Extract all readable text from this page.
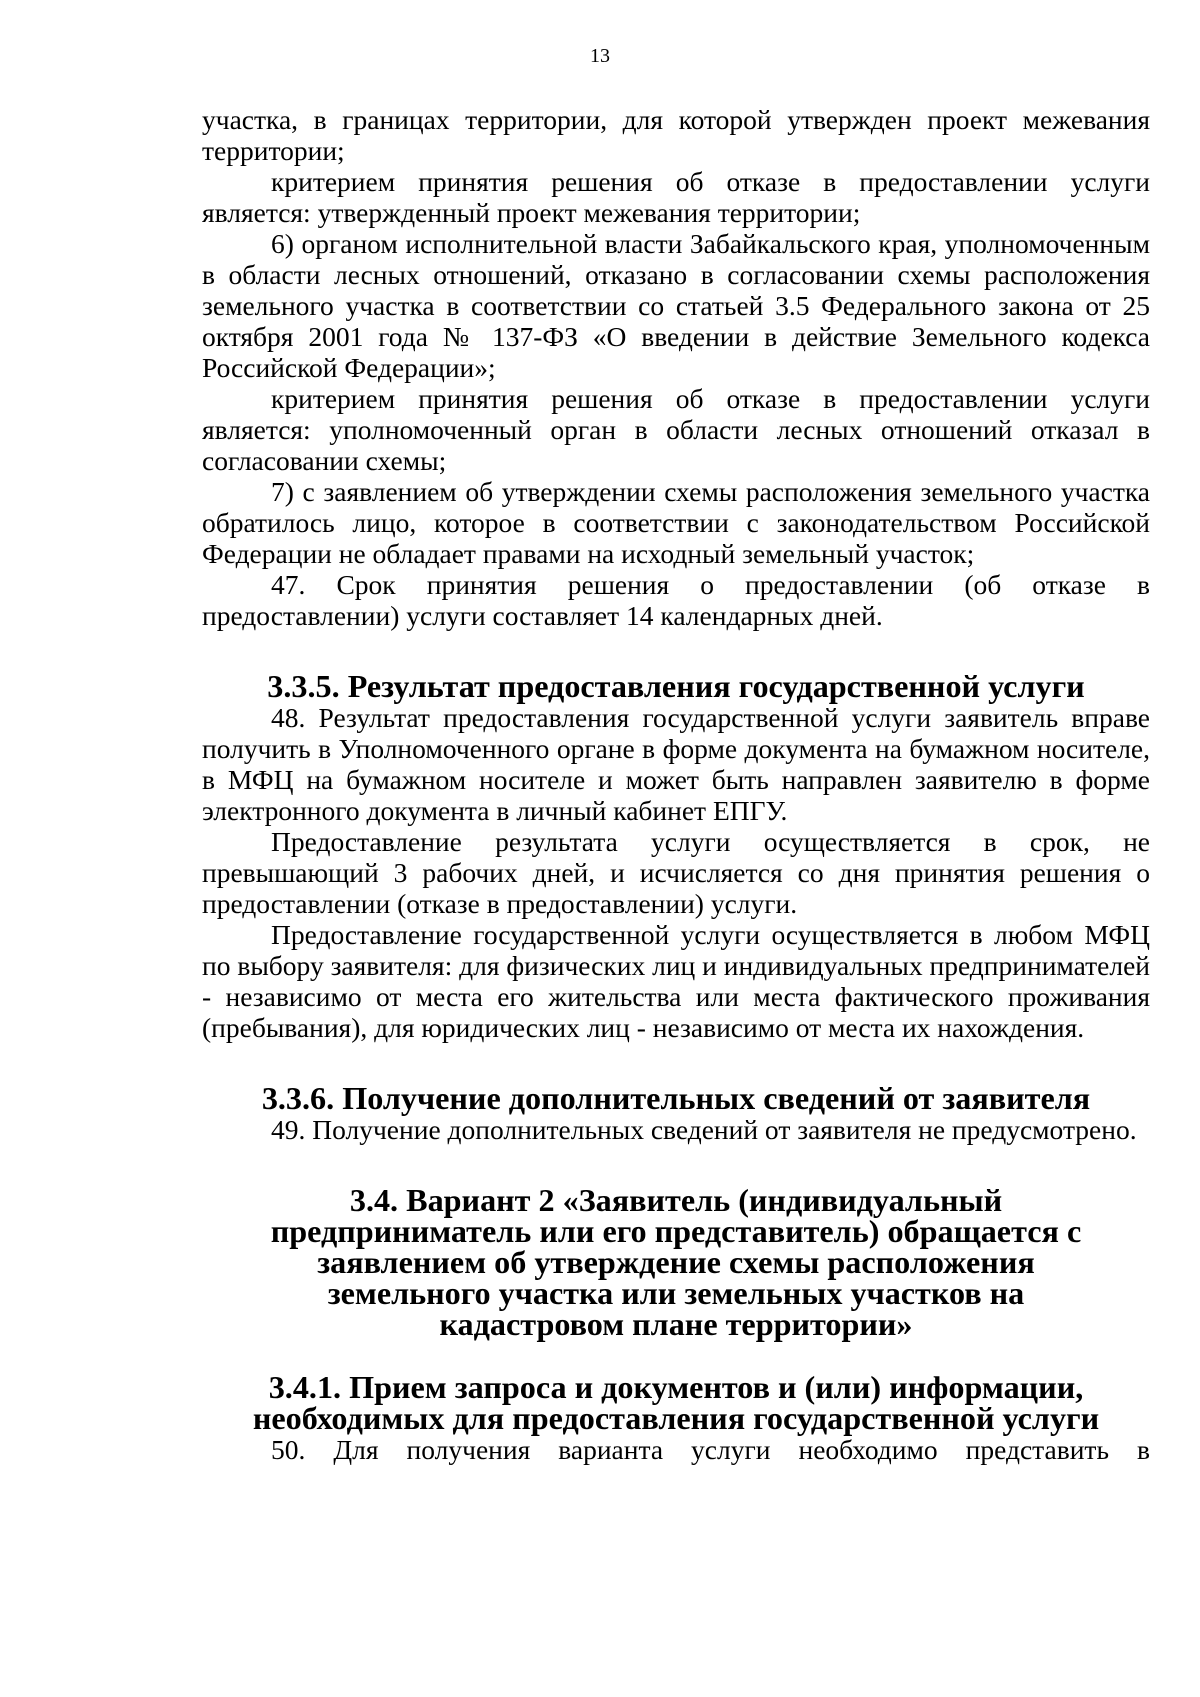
13

участка, в границах территории, для которой утвержден проект межевания территории;

критерием принятия решения об отказе в предоставлении услуги является: утвержденный проект межевания территории;

6) органом исполнительной власти Забайкальского края, уполномоченным в области лесных отношений, отказано в согласовании схемы расположения земельного участка в соответствии со статьей 3.5 Федерального закона от 25 октября 2001 года № 137-ФЗ «О введении в действие Земельного кодекса Российской Федерации»;

критерием принятия решения об отказе в предоставлении услуги является: уполномоченный орган в области лесных отношений отказал в согласовании схемы;

7) с заявлением об утверждении схемы расположения земельного участка обратилось лицо, которое в соответствии с законодательством Российской Федерации не обладает правами на исходный земельный участок;

47. Срок принятия решения о предоставлении (об отказе в предоставлении) услуги составляет 14 календарных дней.

3.3.5. Результат предоставления государственной услуги

48. Результат предоставления государственной услуги заявитель вправе получить в Уполномоченного органе в форме документа на бумажном носителе, в МФЦ на бумажном носителе и может быть направлен заявителю в форме электронного документа в личный кабинет ЕПГУ.

Предоставление результата услуги осуществляется в срок, не превышающий 3 рабочих дней, и исчисляется со дня принятия решения о предоставлении (отказе в предоставлении) услуги.

Предоставление государственной услуги осуществляется в любом МФЦ по выбору заявителя: для физических лиц и индивидуальных предпринимателей - независимо от места его жительства или места фактического проживания (пребывания), для юридических лиц - независимо от места их нахождения.

3.3.6. Получение дополнительных сведений от заявителя

49. Получение дополнительных сведений от заявителя не предусмотрено.

3.4. Вариант 2 «Заявитель (индивидуальный предприниматель или его представитель) обращается с заявлением об утверждение схемы расположения земельного участка или земельных участков на кадастровом плане территории»
3.4.1. Прием запроса и документов и (или) информации, необходимых для предоставления государственной услуги

50. Для получения варианта услуги необходимо представить в
